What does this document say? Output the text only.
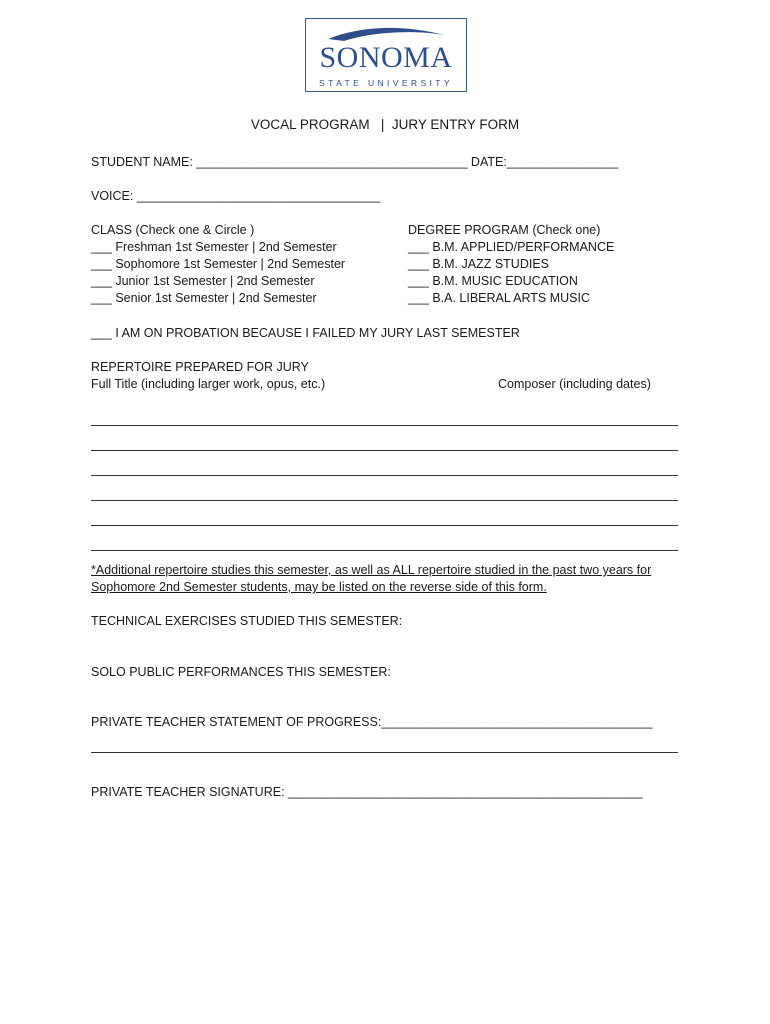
SONOMA
STATE UNIVERSITY
VOCAL PROGRAM   |  JURY ENTRY FORM
STUDENT NAME: _______________________________________ DATE:________________
VOICE: ___________________________________
CLASS (Check one & Circle )
___ Freshman 1st Semester | 2nd Semester
___ Sophomore 1st Semester | 2nd Semester
___ Junior 1st Semester | 2nd Semester
___ Senior 1st Semester | 2nd Semester
DEGREE PROGRAM (Check one)
___ B.M. APPLIED/PERFORMANCE
___ B.M. JAZZ STUDIES
___ B.M. MUSIC EDUCATION
___ B.A. LIBERAL ARTS MUSIC
___ I AM ON PROBATION BECAUSE I FAILED MY JURY LAST SEMESTER
REPERTOIRE PREPARED FOR JURY
Full Title (including larger work, opus, etc.)	Composer (including dates)
*Additional repertoire studies this semester, as well as ALL repertoire studied in the past two years for
Sophomore 2nd Semester students, may be listed on the reverse side of this form.
TECHNICAL EXERCISES STUDIED THIS SEMESTER:
SOLO PUBLIC PERFORMANCES THIS SEMESTER:
PRIVATE TEACHER STATEMENT OF PROGRESS:_______________________________________
PRIVATE TEACHER SIGNATURE: ___________________________________________________
